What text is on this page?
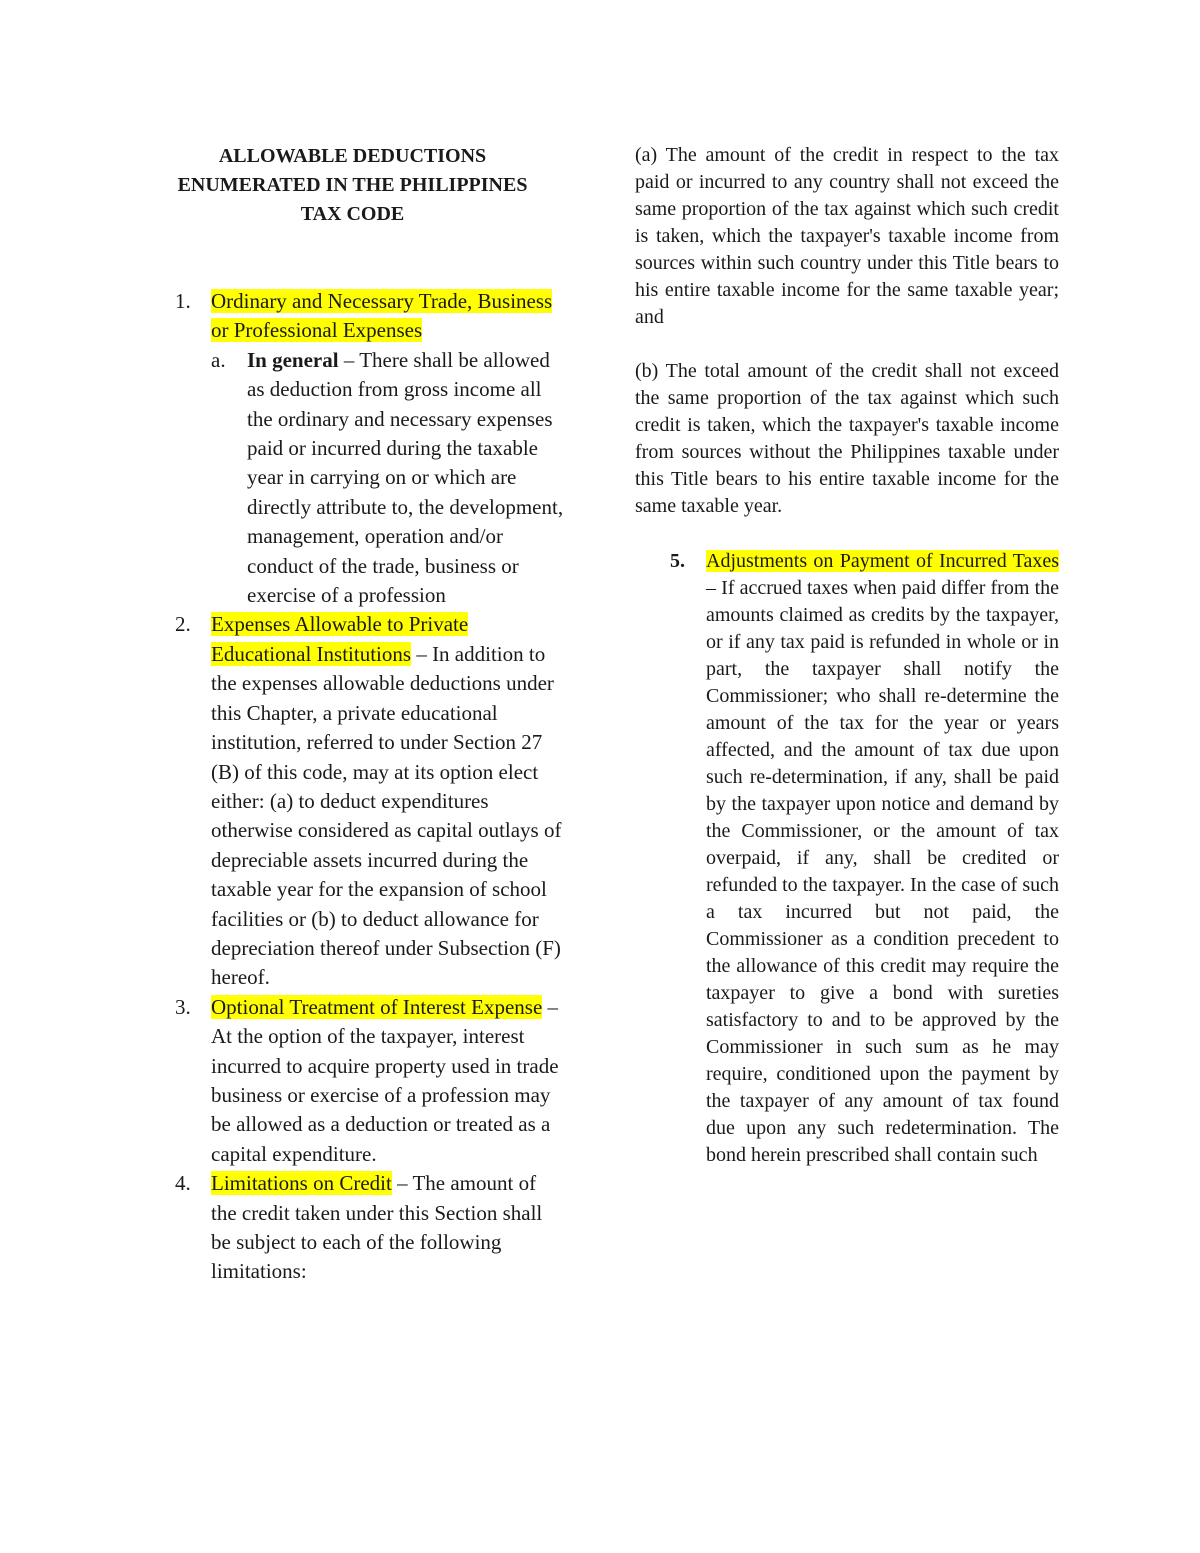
ALLOWABLE DEDUCTIONS
ENUMERATED IN THE PHILIPPINES
TAX CODE
1. Ordinary and Necessary Trade, Business or Professional Expenses
a. In general – There shall be allowed as deduction from gross income all the ordinary and necessary expenses paid or incurred during the taxable year in carrying on or which are directly attribute to, the development, management, operation and/or conduct of the trade, business or exercise of a profession
2. Expenses Allowable to Private Educational Institutions – In addition to the expenses allowable deductions under this Chapter, a private educational institution, referred to under Section 27 (B) of this code, may at its option elect either: (a) to deduct expenditures otherwise considered as capital outlays of depreciable assets incurred during the taxable year for the expansion of school facilities or (b) to deduct allowance for depreciation thereof under Subsection (F) hereof.
3. Optional Treatment of Interest Expense – At the option of the taxpayer, interest incurred to acquire property used in trade business or exercise of a profession may be allowed as a deduction or treated as a capital expenditure.
4. Limitations on Credit – The amount of the credit taken under this Section shall be subject to each of the following limitations:

(a) The amount of the credit in respect to the tax paid or incurred to any country shall not exceed the same proportion of the tax against which such credit is taken, which the taxpayer's taxable income from sources within such country under this Title bears to his entire taxable income for the same taxable year; and

(b) The total amount of the credit shall not exceed the same proportion of the tax against which such credit is taken, which the taxpayer's taxable income from sources without the Philippines taxable under this Title bears to his entire taxable income for the same taxable year.

5. Adjustments on Payment of Incurred Taxes – If accrued taxes when paid differ from the amounts claimed as credits by the taxpayer, or if any tax paid is refunded in whole or in part, the taxpayer shall notify the Commissioner; who shall re-determine the amount of the tax for the year or years affected, and the amount of tax due upon such re-determination, if any, shall be paid by the taxpayer upon notice and demand by the Commissioner, or the amount of tax overpaid, if any, shall be credited or refunded to the taxpayer. In the case of such a tax incurred but not paid, the Commissioner as a condition precedent to the allowance of this credit may require the taxpayer to give a bond with sureties satisfactory to and to be approved by the Commissioner in such sum as he may require, conditioned upon the payment by the taxpayer of any amount of tax found due upon any such redetermination. The bond herein prescribed shall contain such
